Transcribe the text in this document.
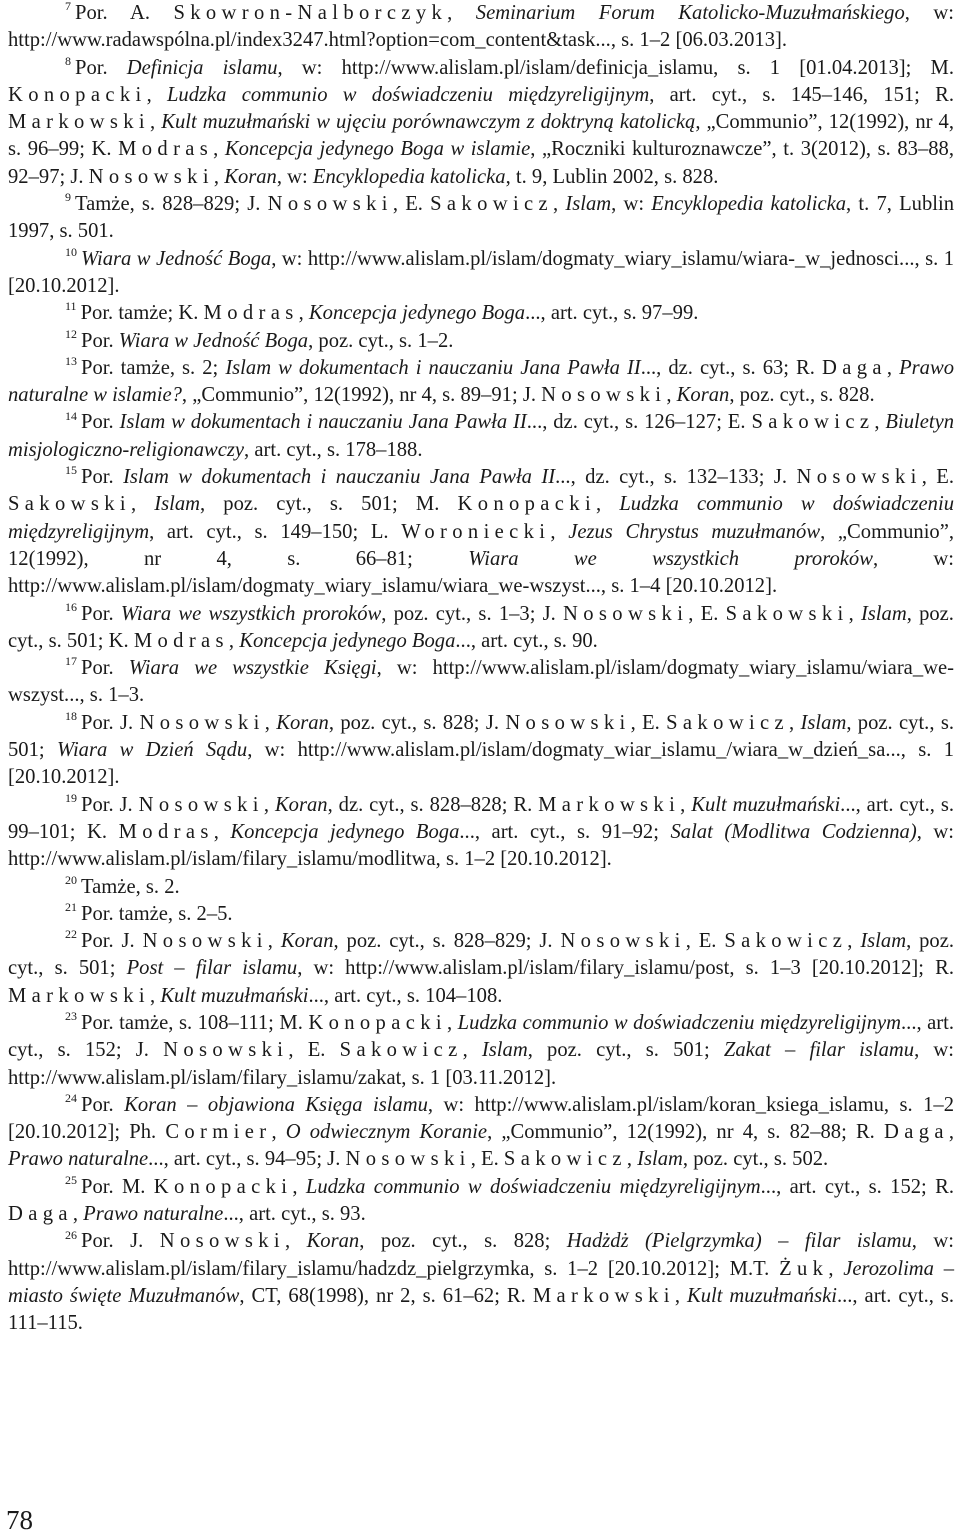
$^7$ Por. A. Skowron-Nalborczyk, Seminarium Forum Katolicko-Muzułmańskiego, w: http://www.radawspólna.pl/index3247.html?option=com_content&task..., s. 1–2 [06.03.2013].

$^8$ Por. Definicja islamu, w: http://www.alislam.pl/islam/definicja_islamu, s. 1 [01.04.2013]; M. Konopacki, Ludzka communio w doświadczeniu międzyreligijnym, art. cyt., s. 145–146, 151; R. Markowski, Kult muzułmański w ujęciu porównawczym z doktryną katolicką, „Communio”, 12(1992), nr 4, s. 96–99; K. Modras, Koncepcja jedynego Boga w islamie, „Roczniki kulturoznawcze”, t. 3(2012), s. 83–88, 92–97; J. Nosowski, Koran, w: Encyklopedia katolicka, t. 9, Lublin 2002, s. 828.

$^9$ Tamże, s. 828–829; J. Nosowski, E. Sakowicz, Islam, w: Encyklopedia katolicka, t. 7, Lublin 1997, s. 501.

$^{10}$ Wiara w Jedność Boga, w: http://www.alislam.pl/islam/dogmaty_wiary_islamu/wiara-_w_jednosci..., s. 1 [20.10.2012].

$^{11}$ Por. tamże; K. Modras, Koncepcja jedynego Boga..., art. cyt., s. 97–99.

$^{12}$ Por. Wiara w Jedność Boga, poz. cyt., s. 1–2.

$^{13}$ Por. tamże, s. 2; Islam w dokumentach i nauczaniu Jana Pawła II..., dz. cyt., s. 63; R. Daga, Prawo naturalne w islamie?, „Communio”, 12(1992), nr 4, s. 89–91; J. Nosowski, Koran, poz. cyt., s. 828.

$^{14}$ Por. Islam w dokumentach i nauczaniu Jana Pawła II..., dz. cyt., s. 126–127; E. Sakowicz, Biuletyn misjologiczno-religionawczy, art. cyt., s. 178–188.

$^{15}$ Por. Islam w dokumentach i nauczaniu Jana Pawła II..., dz. cyt., s. 132–133; J. Nosowski, E. Sakowski, Islam, poz. cyt., s. 501; M. Konopacki, Ludzka communio w doświadczeniu międzyreligijnym, art. cyt., s. 149–150; L. Woroniecki, Jezus Chrystus muzułmanów, „Communio”, 12(1992), nr 4, s. 66–81; Wiara we wszystkich proroków, w: http://www.alislam.pl/islam/dogmaty_wiary_islamu/wiara_we-wszyst..., s. 1–4 [20.10.2012].

$^{16}$ Por. Wiara we wszystkich proroków, poz. cyt., s. 1–3; J. Nosowski, E. Sakowski, Islam, poz. cyt., s. 501; K. Modras, Koncepcja jedynego Boga..., art. cyt., s. 90.

$^{17}$ Por. Wiara we wszystkie Księgi, w: http://www.alislam.pl/islam/dogmaty_wiary_islamu/wiara_we-wszyst..., s. 1–3.

$^{18}$ Por. J. Nosowski, Koran, poz. cyt., s. 828; J. Nosowski, E. Sakowicz, Islam, poz. cyt., s. 501; Wiara w Dzień Sądu, w: http://www.alislam.pl/islam/dogmaty_wiar_islamu_/wiara_w_dzień_sa..., s. 1 [20.10.2012].

$^{19}$ Por. J. Nosowski, Koran, dz. cyt., s. 828–828; R. Markowski, Kult muzułmański..., art. cyt., s. 99–101; K. Modras, Koncepcja jedynego Boga..., art. cyt., s. 91–92; Salat (Modlitwa Codzienna), w: http://www.alislam.pl/islam/filary_islamu/modlitwa, s. 1–2 [20.10.2012].

$^{20}$ Tamże, s. 2.

$^{21}$ Por. tamże, s. 2–5.

$^{22}$ Por. J. Nosowski, Koran, poz. cyt., s. 828–829; J. Nosowski, E. Sakowicz, Islam, poz. cyt., s. 501; Post – filar islamu, w: http://www.alislam.pl/islam/filary_islamu/post, s. 1–3 [20.10.2012]; R. Markowski, Kult muzułmański..., art. cyt., s. 104–108.

$^{23}$ Por. tamże, s. 108–111; M. Konopacki, Ludzka communio w doświadczeniu międzyreligijnym..., art. cyt., s. 152; J. Nosowski, E. Sakowicz, Islam, poz. cyt., s. 501; Zakat – filar islamu, w: http://www.alislam.pl/islam/filary_islamu/zakat, s. 1 [03.11.2012].

$^{24}$ Por. Koran – objawiona Księga islamu, w: http://www.alislam.pl/islam/koran_ksiega_islamu, s. 1–2 [20.10.2012]; Ph. Cormier, O odwiecznym Koranie, „Communio”, 12(1992), nr 4, s. 82–88; R. Daga, Prawo naturalne..., art. cyt., s. 94–95; J. Nosowski, E. Sakowicz, Islam, poz. cyt., s. 502.

$^{25}$ Por. M. Konopacki, Ludzka communio w doświadczeniu międzyreligijnym..., art. cyt., s. 152; R. Daga, Prawo naturalne..., art. cyt., s. 93.

$^{26}$ Por. J. Nosowski, Koran, poz. cyt., s. 828; Hadżdż (Pielgrzymka) – filar islamu, w: http://www.alislam.pl/islam/filary_islamu/hadzdz_pielgrzymka, s. 1–2 [20.10.2012]; M.T. Żuk, Jerozolima – miasto święte Muzułmanów, CT, 68(1998), nr 2, s. 61–62; R. Markowski, Kult muzułmański..., art. cyt., s. 111–115.

78
